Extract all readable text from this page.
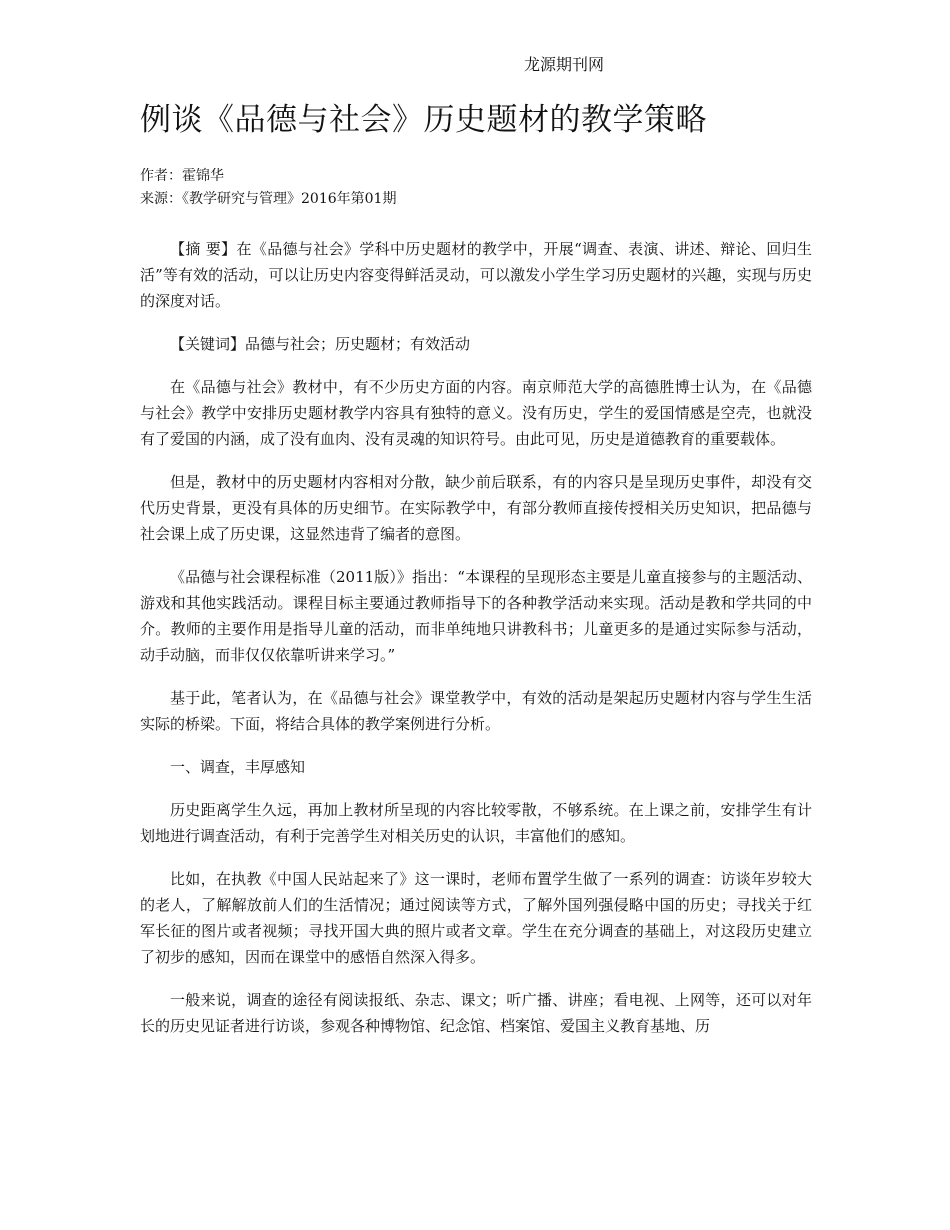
龙源期刊网
例谈《品德与社会》历史题材的教学策略
作者：霍锦华
来源：《教学研究与管理》2016年第01期

【摘 要】在《品德与社会》学科中历史题材的教学中，开展“调查、表演、讲述、辩论、回归生活”等有效的活动，可以让历史内容变得鲜活灵动，可以激发小学生学习历史题材的兴趣，实现与历史的深度对话。

【关键词】品德与社会；历史题材；有效活动

在《品德与社会》教材中，有不少历史方面的内容。南京师范大学的高德胜博士认为，在《品德与社会》教学中安排历史题材教学内容具有独特的意义。没有历史，学生的爱国情感是空壳，也就没有了爱国的内涵，成了没有血肉、没有灵魂的知识符号。由此可见，历史是道德教育的重要载体。

但是，教材中的历史题材内容相对分散，缺少前后联系，有的内容只是呈现历史事件，却没有交代历史背景，更没有具体的历史细节。在实际教学中，有部分教师直接传授相关历史知识，把品德与社会课上成了历史课，这显然违背了编者的意图。

《品德与社会课程标准（2011版）》指出：“本课程的呈现形态主要是儿童直接参与的主题活动、游戏和其他实践活动。课程目标主要通过教师指导下的各种教学活动来实现。活动是教和学共同的中介。教师的主要作用是指导儿童的活动，而非单纯地只讲教科书；儿童更多的是通过实际参与活动，动手动脑，而非仅仅依靠听讲来学习。”

基于此，笔者认为，在《品德与社会》课堂教学中，有效的活动是架起历史题材内容与学生生活实际的桥梁。下面，将结合具体的教学案例进行分析。

一、调查，丰厚感知

历史距离学生久远，再加上教材所呈现的内容比较零散，不够系统。在上课之前，安排学生有计划地进行调查活动，有利于完善学生对相关历史的认识，丰富他们的感知。

比如，在执教《中国人民站起来了》这一课时，老师布置学生做了一系列的调查：访谈年岁较大的老人，了解解放前人们的生活情况；通过阅读等方式，了解外国列强侵略中国的历史；寻找关于红军长征的图片或者视频；寻找开国大典的照片或者文章。学生在充分调查的基础上，对这段历史建立了初步的感知，因而在课堂中的感悟自然深入得多。

一般来说，调查的途径有阅读报纸、杂志、课文；听广播、讲座；看电视、上网等，还可以对年长的历史见证者进行访谈，参观各种博物馆、纪念馆、档案馆、爱国主义教育基地、历
